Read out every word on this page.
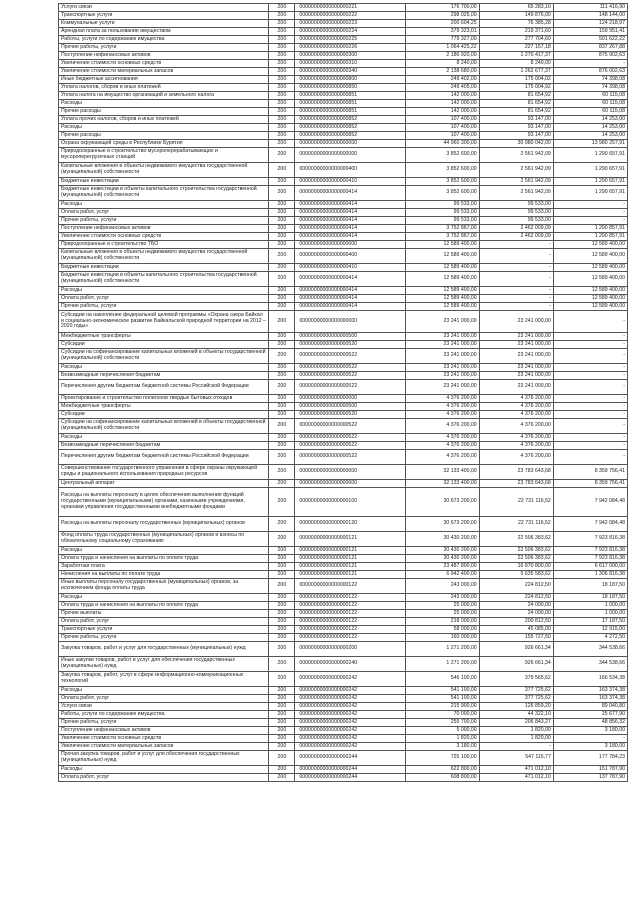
Услуги связи	200	00000000000000000221	176 700,00	65 283,10	111 416,90
Транспортные услуги	200	00000000000000000222	298 025,00	149 876,00	148 144,00
Коммунальные услуги	200	00000000000000000223	200 604,25	76 385,28	124 218,97
Арендная плата за пользование имуществом	200	00000000000000000224	379 323,01	219 371,60	159 951,41
Работы, услуги по содержанию имущества	200	00000000000000000225	779 327,00	277 704,60	501 622,22
Прочие работы, услуги	200	00000000000000000226	1 064 425,22	227 157,18	837 267,88
Поступление нефинансовых активов	200	00000000000000000300	2 186 920,00	1 270 417,37	875 902,63
Увеличение стоимости основных средств	200	00000000000000000310	8 240,00	8 240,00	-
Увеличение стоимости материальных запасов	200	00000000000000000340	2 138 680,00	1 262 677,37	876 002,63
Иные бюджетные ассигнования	200	00000000000000000800	249 402,00	175 004,02	74 398,08
Уплата налогов, сборов и иных платежей	200	00000000000000000850	249 405,00	175 004,92	74 398,08
Уплата налога на имущество организаций и земельного налога	200	00000000000000000851	142 000,00	81 654,92	60 115,08
Расходы	200	00000000000000000851	142 000,00	81 654,92	60 115,08
Прочие расходы	200	00000000000000000851	142 000,00	81 654,92	60 115,08
Уплата прочих налогов, сборов и иных платежей	200	00000000000000000852	107 400,00	93 147,00	14 253,00
Расходы	200	00000000000000000852	107 400,00	93 147,00	14 253,00
Прочие расходы	200	00000000000000000852	107 400,00	93 147,00	14 253,00
Охрана окружающей среды в Республике Бурятия	200	00000000000000000000	44 960 300,00	30 980 042,00	13 980 257,91
Природоохранные и строительство мусороперерабатывающих и мусороперегрузочных станций	200	00000000000000000000	3 852 600,00	2 561 942,09	1 290 657,91
Капитальные вложения в объекты недвижимого имущества государственной (муниципальной) собственности	200	00000000000000000400	3 852 600,00	2 561 942,09	1 290 657,91
Бюджетные инвестиции	200	00000000000000000410	3 852 600,00	2 561 942,09	1 290 657,91
Бюджетные инвестиции в объекты капитального строительства государственной (муниципальной) собственности	200	00000000000000000414	3 852 600,00	2 561 942,09	1 290 657,91
Расходы	200	00000000000000000414	99 533,00	99 533,00	-
Оплата работ, услуг	200	00000000000000000414	99 533,00	99 533,00	-
Прочие работы, услуги	200	00000000000000000414	99 533,00	99 533,00	-
Поступление нефинансовых активов	200	00000000000000000414	3 752 867,00	2 462 009,09	1 290 857,91
Увеличение стоимости основных средств	200	00000000000000000414	3 752 867,00	2 462 009,09	1 290 857,91
Природоохранные и строительство ТБО	200	00000000000000000000	12 589 400,00	-	12 589 400,00
Капитальные вложения в объекты недвижимого имущества государственной (муниципальной) собственности	200	00000000000000000400	12 589 400,00	-	12 589 400,00
Бюджетные инвестиции	200	00000000000000000410	12 589 400,00	-	12 589 400,00
Бюджетные инвестиции в объекты капитального строительства государственной (муниципальной) собственности	200	00000000000000000414	12 589 400,00	-	12 589 400,00
Расходы	200	00000000000000000414	12 589 400,00	-	12 589 400,00
Оплата работ, услуг	200	00000000000000000414	12 589 400,00	-	12 589 400,00
Прочие работы, услуги	200	00000000000000000414	12 589 400,00	-	12 589 400,00
Субсидии на накопление федеральной целевой программы «Охрана озера Байкал и социально-экономическое развитие Байкальской природной территории на 2012 – 2020 годы»	200	00000000000000000000	23 241 000,00	23 241 000,00	-
Межбюджетные трансферты	200	00000000000000000500	23 241 000,00	23 241 000,00	-
Субсидии	200	00000000000000000520	23 241 000,00	23 241 000,00	-
Субсидии на софинансирование капитальных вложений в объекты государственной (муниципальной) собственности	200	00000000000000000522	23 241 000,00	23 241 000,00	-
Расходы	200	00000000000000000522	23 241 000,00	23 241 000,00	-
Безвозмездные перечисления бюджетам	200	00000000000000000522	23 241 000,00	23 241 000,00	-
Перечисления другим бюджетам бюджетной системы Российской Федерации	200	00000000000000000522	23 241 000,00	23 241 000,00	-
Проектирование и строительство полигонов твердых бытовых отходов	200	00000000000000000000	4 376 200,00	4 376 200,00	-
Межбюджетные трансферты	200	00000000000000000500	4 376 200,00	4 376 200,00	-
Субсидии	200	00000000000000000520	4 376 200,00	4 376 200,00	-
Субсидии на софинансирование капитальных вложений в объекты государственной (муниципальной) собственности	200	00000000000000000522	4 376 200,00	4 376 200,00	-
Расходы	200	00000000000000000522	4 376 200,00	4 376 200,00	-
Безвозмездные перечисления бюджетам	200	00000000000000000522	4 376 200,00	4 376 200,00	-
Перечисления другим бюджетам бюджетной системы Российской Федерации	200	00000000000000000522	4 376 200,00	4 376 200,00	-
Совершенствование государственного управления в сфере охраны окружающей среды и рационального использования природных ресурсов	200	00000000000000000000	32 133 400,00	23 783 643,68	8 359 756,41
Центральный аппарат	200	00000000000000000000	32 133 400,00	23 783 643,68	8 359 756,41
Расходы на выплаты персоналу в целях обеспечения выполнения функций государственными (муниципальными) органами, казенными учреждениями, органами управления государственными внебюджетными фондами	200	00000000000000000100	30 673 200,00	22 731 116,52	7 942 084,48
Расходы на выплаты персоналу государственных (муниципальных) органов	200	00000000000000000120	30 673 200,00	22 731 116,52	7 942 084,48
Фонд оплаты труда государственных (муниципальных) органов и взносы по обязательному социальному страхованию	200	00000000000000000121	30 430 200,00	22 506 383,62	7 923 816,38
Расходы	200	00000000000000000121	30 430 200,00	22 506 383,62	7 923 816,38
Оплата труда и начисления на выплаты по оплате труда	200	00000000000000000121	30 430 200,00	22 506 383,62	7 923 816,38
Заработная плата	200	00000000000000000121	23 487 800,00	16 870 800,00	6 617 000,00
Начисления на выплаты по оплате труда	200	00000000000000000121	6 942 400,00	5 635 583,62	1 306 816,38
Иные выплаты персоналу государственных (муниципальных) органов, за исключением фонда оплаты труда	200	00000000000000000122	243 000,00	224 812,50	18 187,50
Расходы	200	00000000000000000122	243 000,00	224 812,50	18 187,50
Оплата труда и начисления на выплаты по оплате труда	200	00000000000000000122	25 000,00	24 000,00	1 000,00
Прочие выплаты	200	00000000000000000122	25 000,00	24 000,00	1 000,00
Оплата работ, услуг	200	00000000000000000122	218 000,00	200 812,50	17 187,50
Транспортные услуги	200	00000000000000000122	58 000,00	45 085,00	12 915,00
Прочие работы, услуги	200	00000000000000000122	160 000,00	155 727,50	4 272,50
Закупка товаров, работ и услуг для государственных (муниципальных) нужд	200	00000000000000000200	1 271 200,00	926 661,34	344 538,66
Иные закупки товаров, работ и услуг для обеспечения государственных (муниципальных) нужд	200	00000000000000000240	1 271 200,00	926 661,34	344 538,66
Закупка товаров, работ, услуг в сфере информационно-коммуникационных технологий	200	00000000000000000242	546 100,00	379 565,62	166 534,38
Расходы	200	00000000000000000242	541 100,00	377 725,62	163 374,38
Оплата работ, услуг	200	00000000000000000242	541 100,00	377 725,62	163 374,38
Услуги связи	200	00000000000000000242	215 900,00	126 859,20	89 040,80
Работы, услуги по содержанию имущества	200	00000000000000000242	70 000,00	44 322,10	25 677,90
Прочие работы, услуги	200	00000000000000000242	255 700,00	206 843,27	48 856,32
Поступление нефинансовых активов	200	00000000000000000242	5 000,00	1 820,00	3 180,00
Увеличение стоимости основных средств	200	00000000000000000242	1 820,00	1 820,00	-
Увеличение стоимости материальных запасов	200	00000000000000000242	3 180,00	-	3 180,00
Прочая закупка товаров, работ и услуг для обеспечения государственных (муниципальных) нужд	200	00000000000000000244	725 100,00	547 115,77	177 784,23
Расходы	200	00000000000000000244	622 800,00	471 012,10	151 787,90
Оплата работ, услуг	200	00000000000000000244	608 800,00	471 012,10	137 787,90
